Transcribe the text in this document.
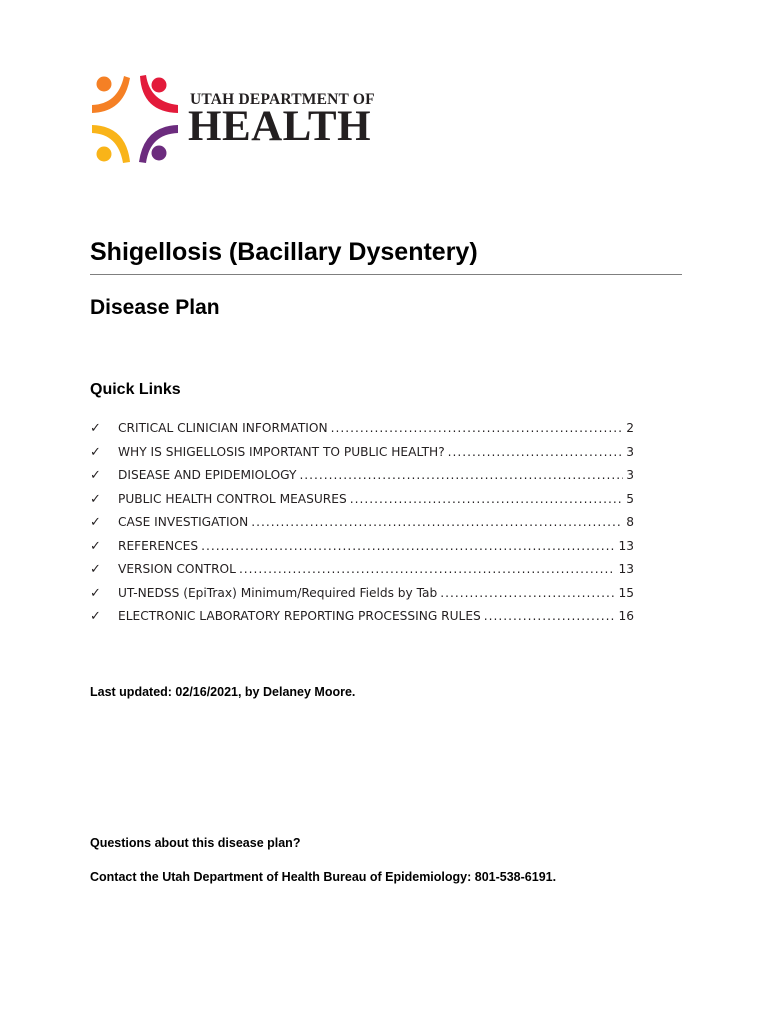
UTAH DEPARTMENT OF
HEALTH
Shigellosis (Bacillary Dysentery)
Disease Plan
Quick Links
✓	CRITICAL CLINICIAN INFORMATION .....	2
✓	WHY IS SHIGELLOSIS IMPORTANT TO PUBLIC HEALTH? .....	3
✓	DISEASE AND EPIDEMIOLOGY .....	3
✓	PUBLIC HEALTH CONTROL MEASURES .....	5
✓	CASE INVESTIGATION .....	8
✓	REFERENCES .....	13
✓	VERSION CONTROL .....	13
✓	UT-NEDSS (EpiTrax) Minimum/Required Fields by Tab .....	15
✓	ELECTRONIC LABORATORY REPORTING PROCESSING RULES .....	16
Last updated: 02/16/2021, by Delaney Moore.
Questions about this disease plan?
Contact the Utah Department of Health Bureau of Epidemiology: 801-538-6191.
